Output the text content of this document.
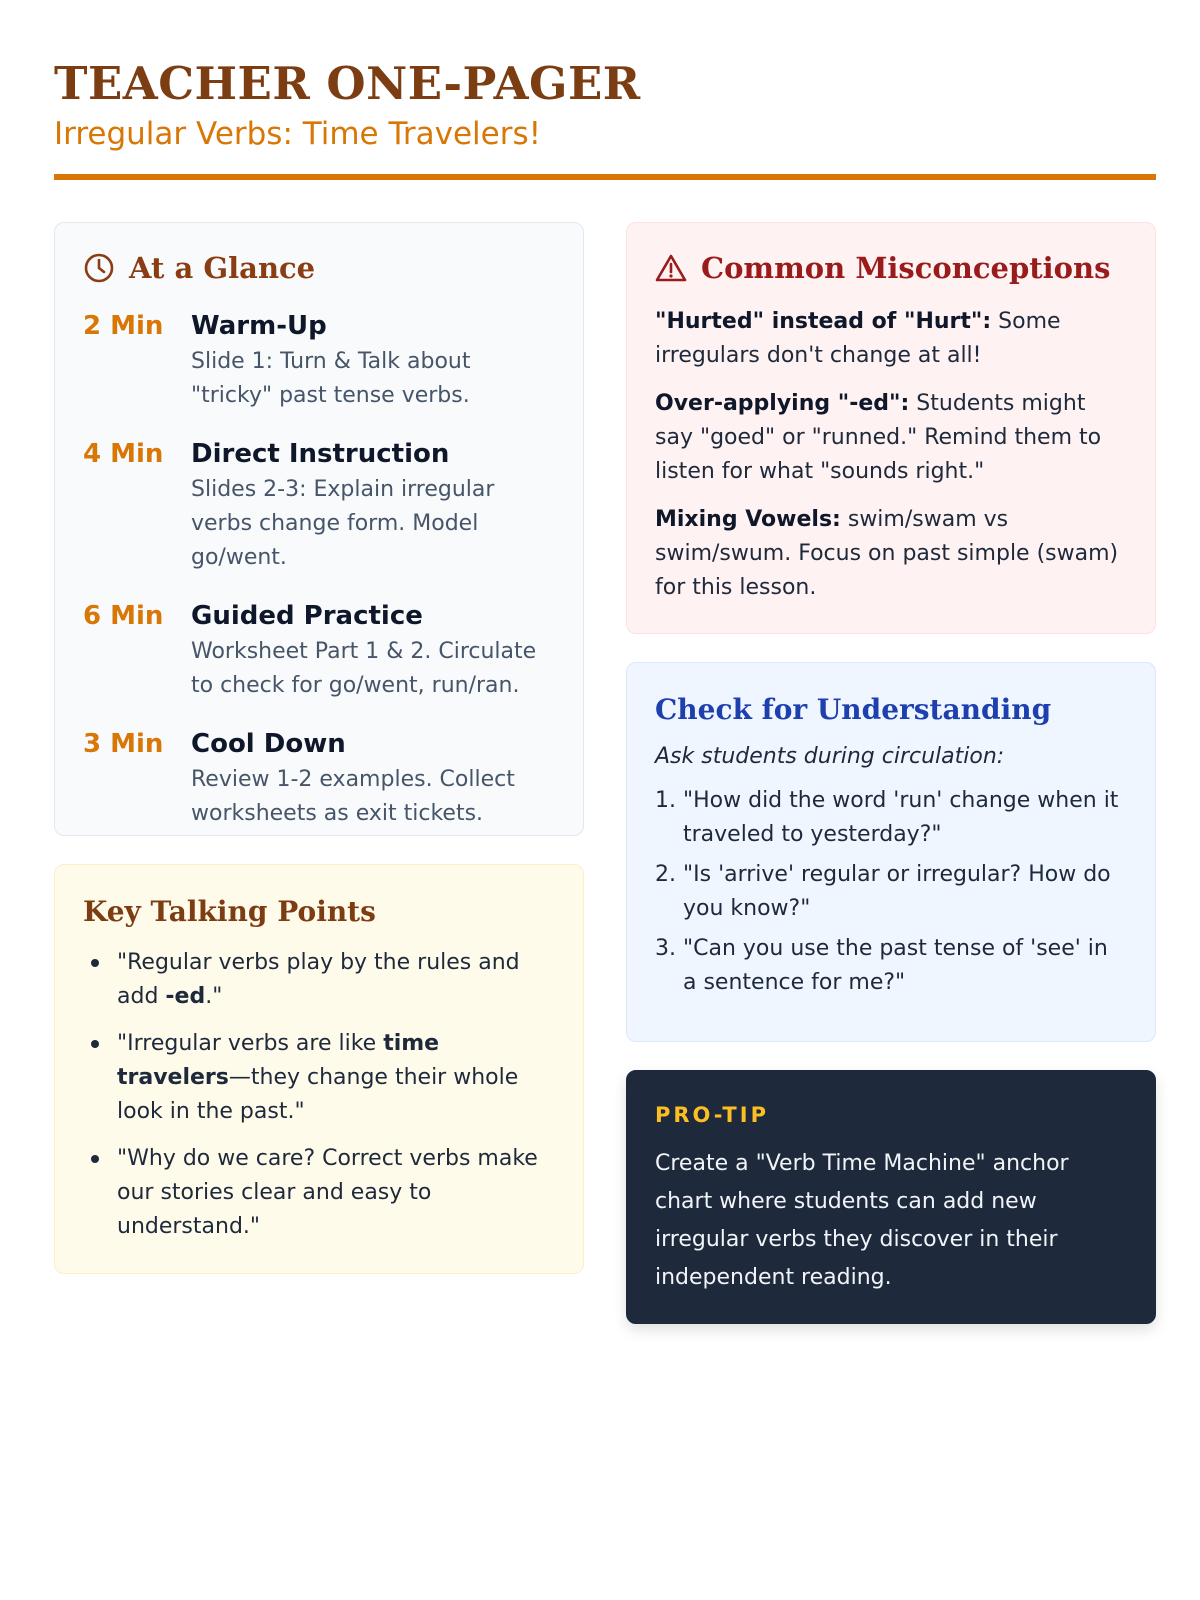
TEACHER ONE-PAGER
Irregular Verbs: Time Travelers!
At a Glance
2 Min	Warm-Up
Slide 1: Turn & Talk about "tricky" past tense verbs.
4 Min	Direct Instruction
Slides 2-3: Explain irregular verbs change form. Model go/went.
6 Min	Guided Practice
Worksheet Part 1 & 2. Circulate to check for go/went, run/ran.
3 Min	Cool Down
Review 1-2 examples. Collect worksheets as exit tickets.
Key Talking Points
"Regular verbs play by the rules and add -ed."
"Irregular verbs are like time travelers—they change their whole look in the past."
"Why do we care? Correct verbs make our stories clear and easy to understand."
Common Misconceptions

"Hurted" instead of "Hurt": Some irregulars don't change at all!

Over-applying "-ed": Students might say "goed" or "runned." Remind them to listen for what "sounds right."

Mixing Vowels: swim/swam vs swim/swum. Focus on past simple (swam) for this lesson.

Check for Understanding
Ask students during circulation:
1. "How did the word 'run' change when it traveled to yesterday?"
2. "Is 'arrive' regular or irregular? How do you know?"
3. "Can you use the past tense of 'see' in a sentence for me?"
PRO-TIP
Create a "Verb Time Machine" anchor chart where students can add new irregular verbs they discover in their independent reading.
